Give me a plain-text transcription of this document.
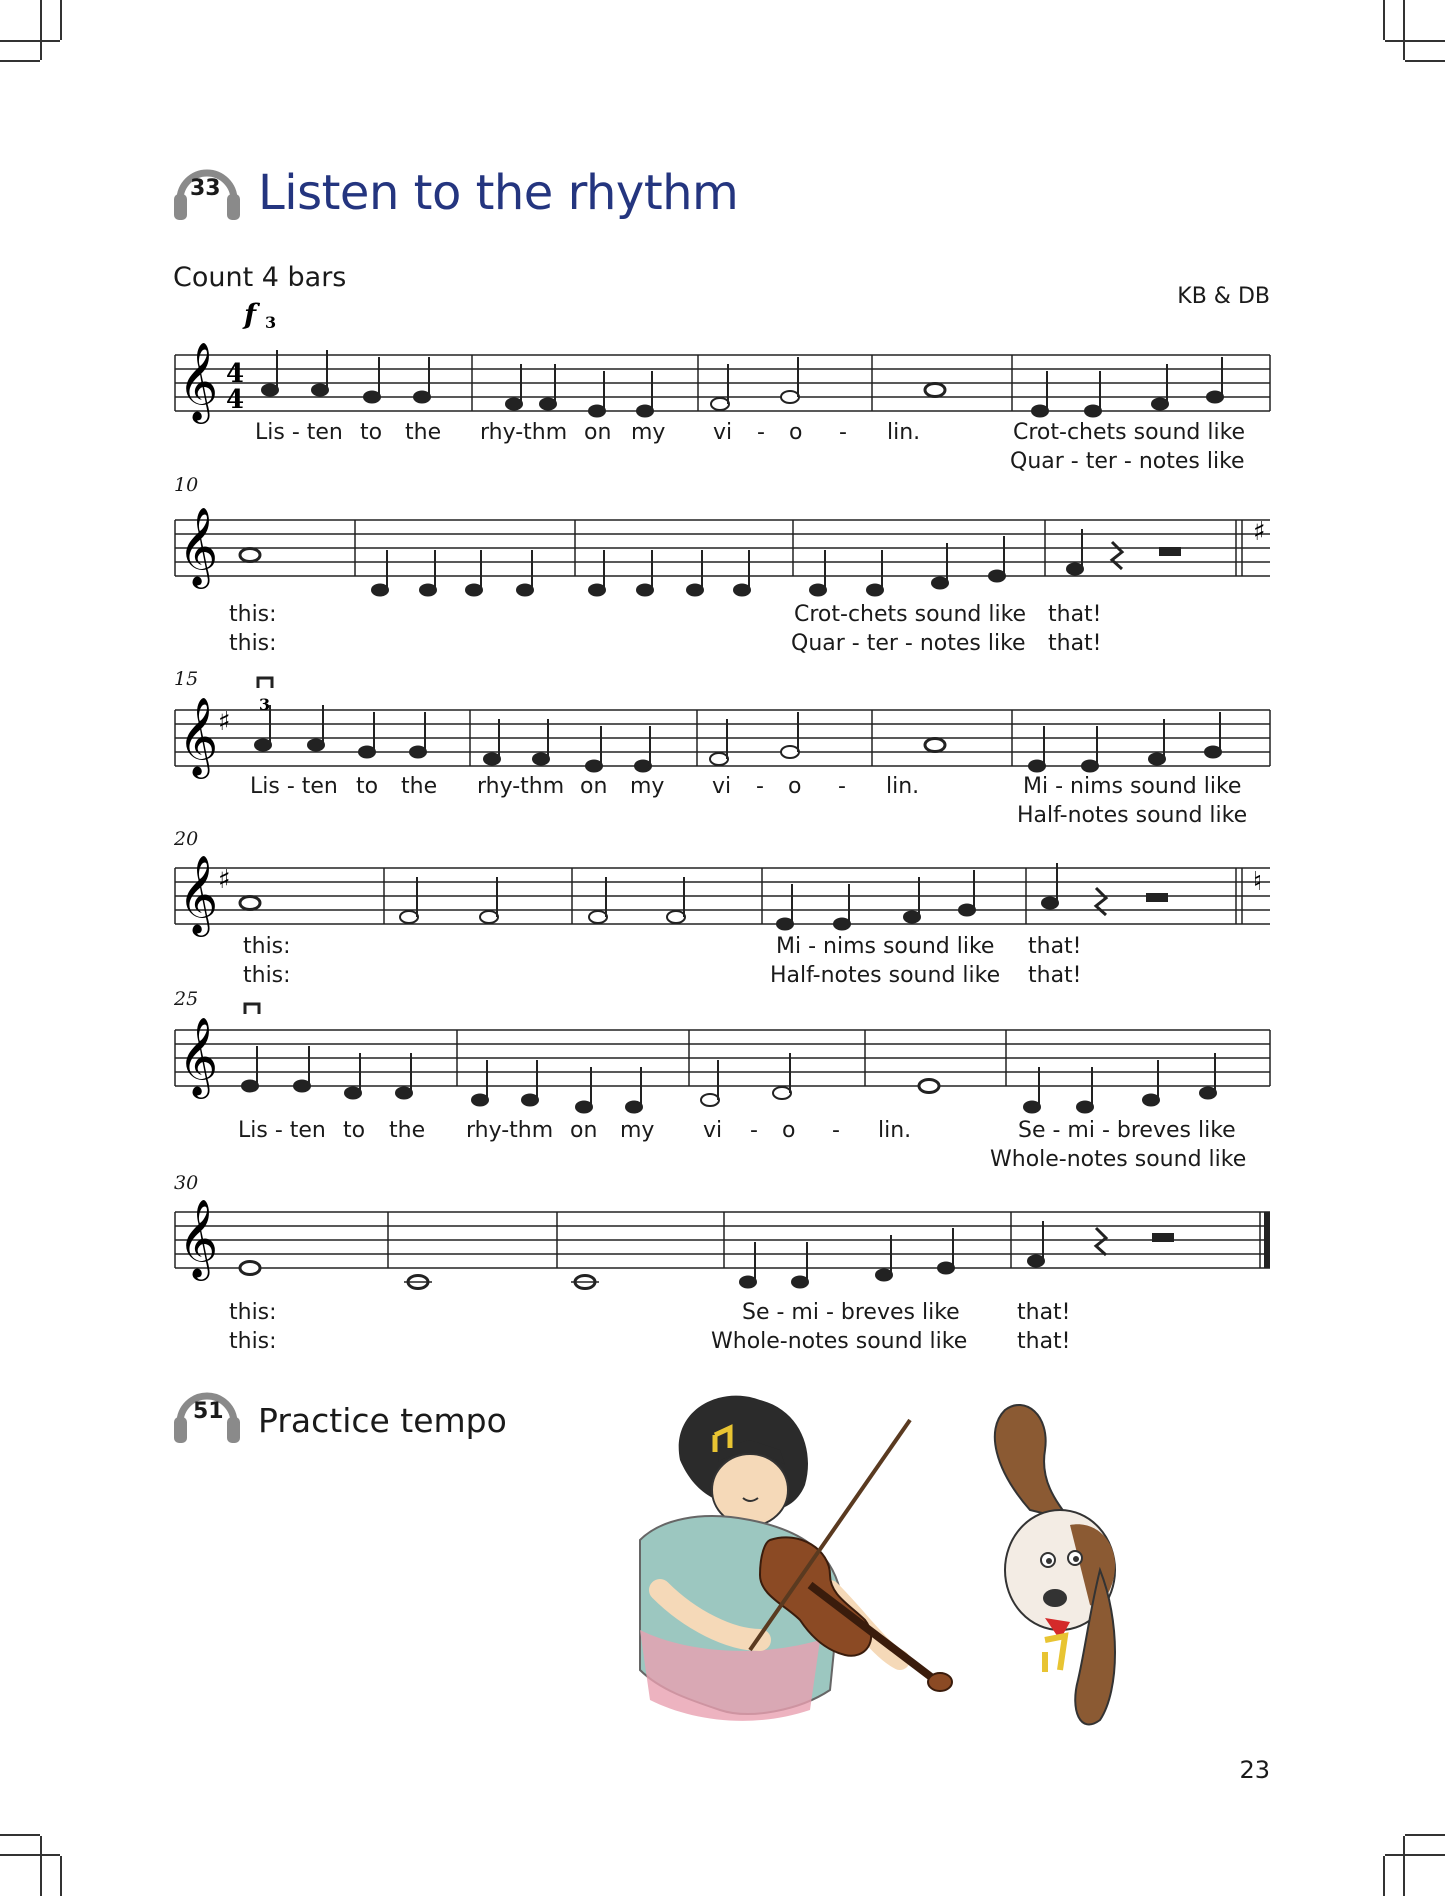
33 Listen to the rhythm
Count 4 bars
KB & DB
𝄞 4
4
f 3
Lis - ten to the rhy-thm on my vi - o - lin.	Crot-chets sound like
Quar - ter - notes like
10
𝄞	♯
this:	Crot-chets sound like that!
this:	Quar - ter - notes like that!
15
𝄞 ♯
3
Lis - ten to the rhy-thm on my vi - o - lin.	Mi - nims sound like
Half-notes sound like
20
𝄞 ♯	♮
this:	Mi - nims sound like that!
this:	Half-notes sound like that!
25
𝄞
Lis - ten to the rhy-thm on my vi - o - lin.	Se - mi - breves like
Whole-notes sound like
30
𝄞
this:	Se - mi - breves like	that!
this:	Whole-notes sound like that!
51 Practice tempo
23
